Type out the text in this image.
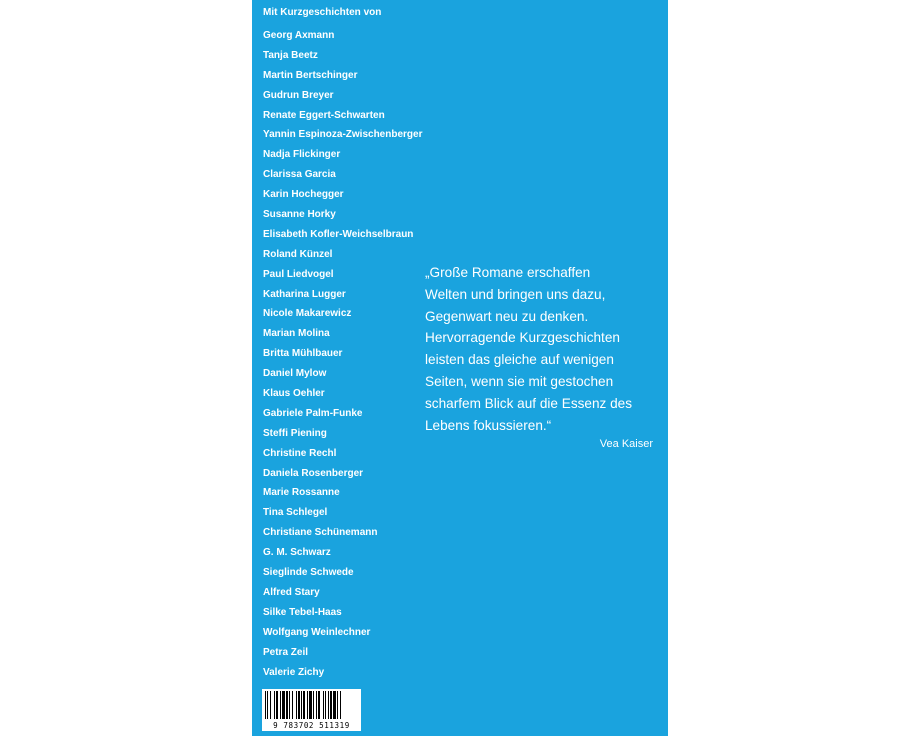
Mit Kurzgeschichten von
Georg Axmann
Tanja Beetz
Martin Bertschinger
Gudrun Breyer
Renate Eggert-Schwarten
Yannin Espinoza-Zwischenberger
Nadja Flickinger
Clarissa Garcia
Karin Hochegger
Susanne Horky
Elisabeth Kofler-Weichselbraun
Roland Künzel
Paul Liedvogel
Katharina Lugger
Nicole Makarewicz
Marian Molina
Britta Mühlbauer
Daniel Mylow
Klaus Oehler
Gabriele Palm-Funke
Steffi Piening
Christine Rechl
Daniela Rosenberger
Marie Rossanne
Tina Schlegel
Christiane Schünemann
G. M. Schwarz
Sieglinde Schwede
Alfred Stary
Silke Tebel-Haas
Wolfgang Weinlechner
Petra Zeil
Valerie Zichy

„Große Romane erschaffen
Welten und bringen uns dazu,
Gegenwart neu zu denken.
Hervorragende Kurzgeschichten
leisten das gleiche auf wenigen
Seiten, wenn sie mit gestochen
scharfem Blick auf die Essenz des
Lebens fokussieren.“

Vea Kaiser
9 783702 511319
